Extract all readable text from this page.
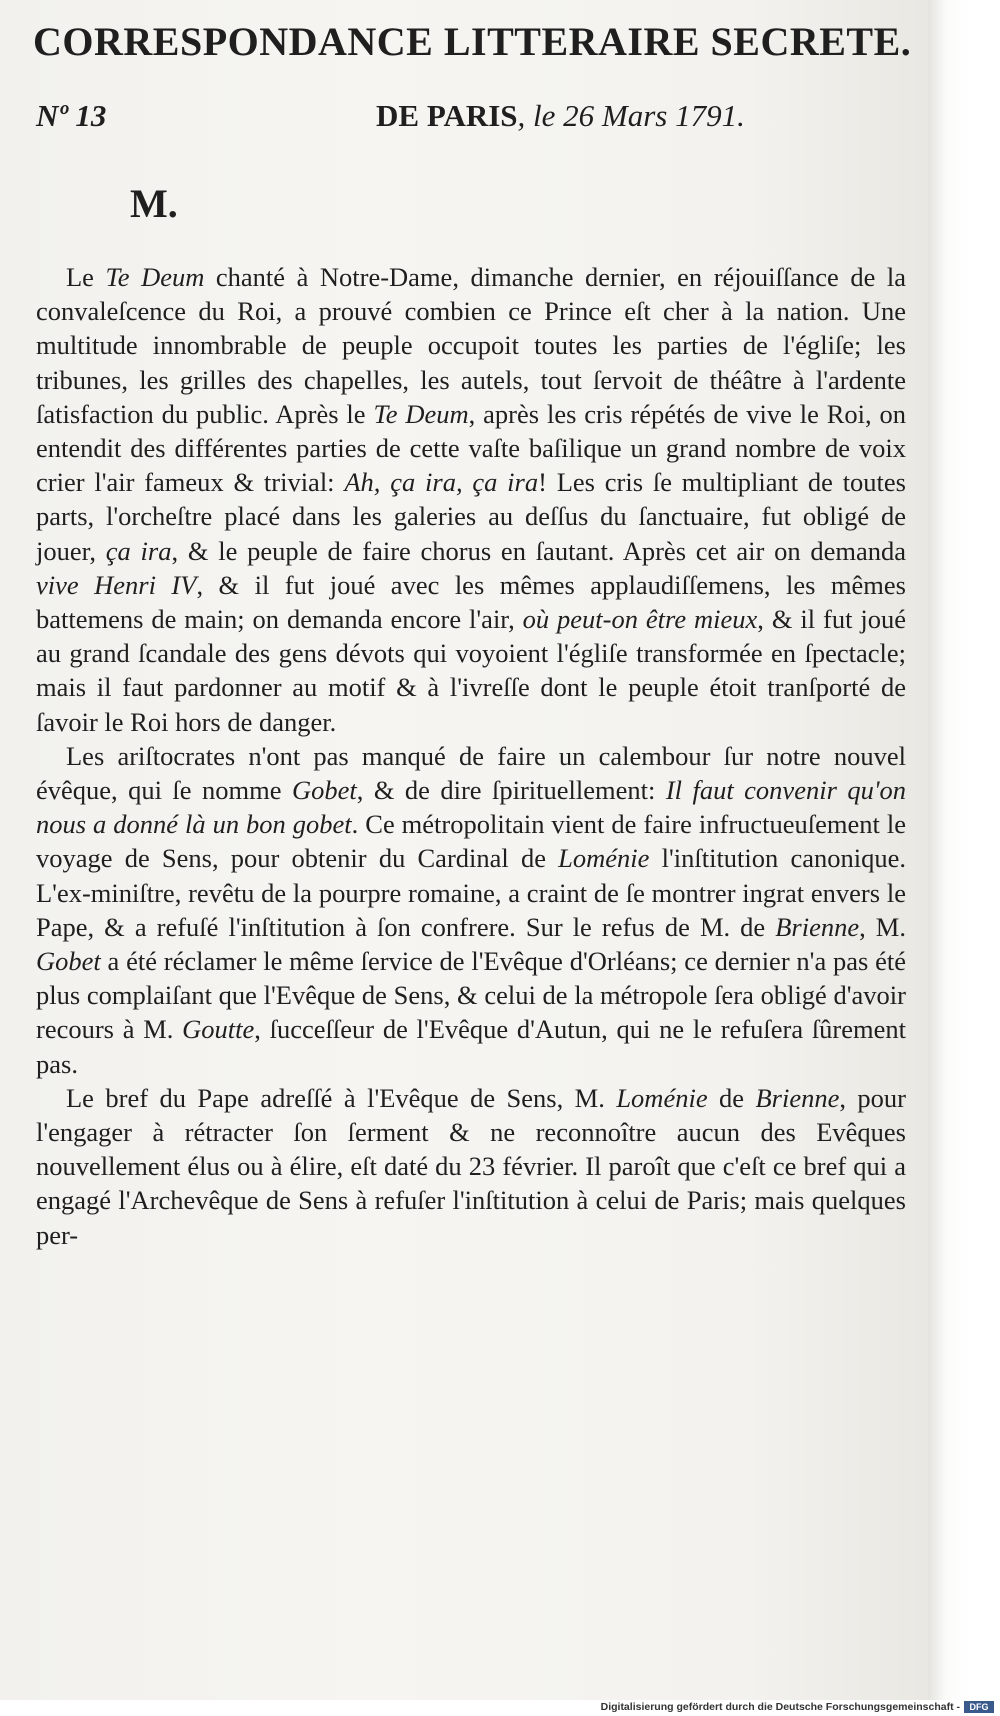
CORRESPONDANCE LITTERAIRE SECRETE.
Nº 13	DE PARIS, le 26 Mars 1791.
M.

Le Te Deum chanté à Notre-Dame, dimanche dernier, en réjouiſſance de la convaleſcence du Roi, a prouvé combien ce Prince eſt cher à la nation. Une multitude innombrable de peuple occupoit toutes les parties de l'égliſe; les tribunes, les grilles des chapelles, les autels, tout ſervoit de théâtre à l'ardente ſatisfaction du public. Après le Te Deum, après les cris répétés de vive le Roi, on entendit des différentes parties de cette vaſte baſilique un grand nombre de voix crier l'air fameux & trivial: Ah, ça ira, ça ira! Les cris ſe multipliant de toutes parts, l'orcheſtre placé dans les galeries au deſſus du ſanctuaire, fut obligé de jouer, ça ira, & le peuple de faire chorus en ſautant. Après cet air on demanda vive Henri IV, & il fut joué avec les mêmes applaudiſſemens, les mêmes battemens de main; on demanda encore l'air, où peut-on être mieux, & il fut joué au grand ſcandale des gens dévots qui voyoient l'égliſe transformée en ſpectacle; mais il faut pardonner au motif & à l'ivreſſe dont le peuple étoit tranſporté de ſavoir le Roi hors de danger.

Les ariſtocrates n'ont pas manqué de faire un calembour ſur notre nouvel évêque, qui ſe nomme Gobet, & de dire ſpirituellement: Il faut convenir qu'on nous a donné là un bon gobet. Ce métropolitain vient de faire infructueuſement le voyage de Sens, pour obtenir du Cardinal de Loménie l'inſtitution canonique. L'ex-miniſtre, revêtu de la pourpre romaine, a craint de ſe montrer ingrat envers le Pape, & a refuſé l'inſtitution à ſon confrere. Sur le refus de M. de Brienne, M. Gobet a été réclamer le même ſervice de l'Evêque d'Orléans; ce dernier n'a pas été plus complaiſant que l'Evêque de Sens, & celui de la métropole ſera obligé d'avoir recours à M. Goutte, ſucceſſeur de l'Evêque d'Autun, qui ne le refuſera ſûrement pas.

Le bref du Pape adreſſé à l'Evêque de Sens, M. Loménie de Brienne, pour l'engager à rétracter ſon ſerment & ne reconnoître aucun des Evêques nouvellement élus ou à élire, eſt daté du 23 février. Il paroît que c'eſt ce bref qui a engagé l'Archevêque de Sens à refuſer l'inſtitution à celui de Paris; mais quelques per-

Digitalisierung gefördert durch die Deutsche Forschungsgemeinschaft -	DFG
